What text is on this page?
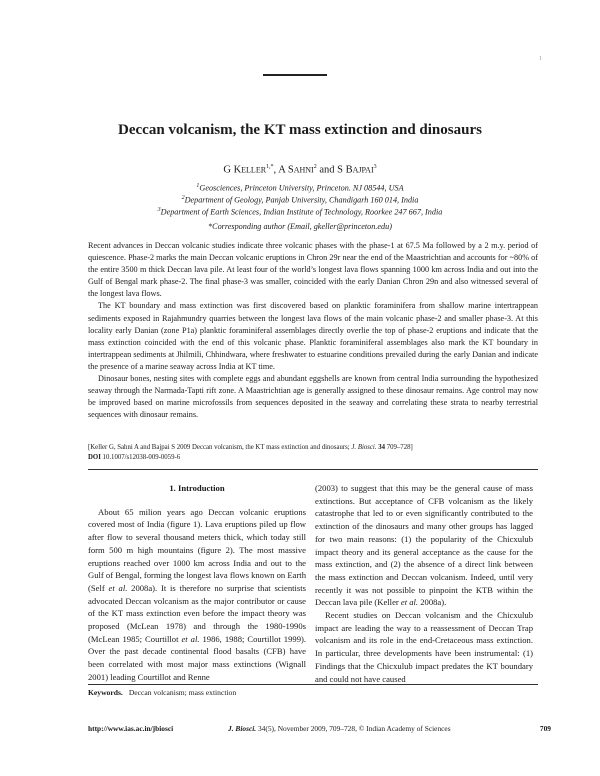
1
Deccan volcanism, the KT mass extinction and dinosaurs
G $KELLER^{1,*}$, A SAHNI$^2$ and S BAJPAI$^3$
$^1$Geosciences, Princeton University, Princeton. NJ 08544, USA
$^2$Department of Geology, Panjab University, Chandigarh 160 014, India
$^3$Department of Earth Sciences, Indian Institute of Technology, Roorkee 247 667, India
*Corresponding author (Email, gkeller@princeton.edu)

Recent advances in Deccan volcanic studies indicate three volcanic phases with the phase-1 at 67.5 Ma followed by a 2 m.y. period of quiescence. Phase-2 marks the main Deccan volcanic eruptions in Chron 29r near the end of the Maastrichtian and accounts for ~80% of the entire 3500 m thick Deccan lava pile. At least four of the world’s longest lava flows spanning 1000 km across India and out into the Gulf of Bengal mark phase-2. The final phase-3 was smaller, coincided with the early Danian Chron 29n and also witnessed several of the longest lava flows.

The KT boundary and mass extinction was first discovered based on planktic foraminifera from shallow marine intertrappean sediments exposed in Rajahmundry quarries between the longest lava flows of the main volcanic phase-2 and smaller phase-3. At this locality early Danian (zone P1a) planktic foraminiferal assemblages directly overlie the top of phase-2 eruptions and indicate that the mass extinction coincided with the end of this volcanic phase. Planktic foraminiferal assemblages also mark the KT boundary in intertrappean sediments at Jhilmili, Chhindwara, where freshwater to estuarine conditions prevailed during the early Danian and indicate the presence of a marine seaway across India at KT time.

Dinosaur bones, nesting sites with complete eggs and abundant eggshells are known from central India surrounding the hypothesized seaway through the Narmada-Tapti rift zone. A Maastrichtian age is generally assigned to these dinosaur remains. Age control may now be improved based on marine microfossils from sequences deposited in the seaway and correlating these strata to nearby terrestrial sequences with dinosaur remains.

[Keller G, Sahni A and Bajpai S 2009 Deccan volcanism, the KT mass extinction and dinosaurs; J. Biosci. 34 709–728]
DOI 10.1007/s12038-009-0059-6

1. Introduction

About 65 milion years ago Deccan volcanic eruptions covered most of India (figure 1). Lava eruptions piled up flow after flow to several thousand meters thick, which today still form 500 m high mountains (figure 2). The most massive eruptions reached over 1000 km across India and out to the Gulf of Bengal, forming the longest lava flows known on Earth (Self et al. 2008a). It is therefore no surprise that scientists advocated Deccan volcanism as the major contributor or cause of the KT mass extinction even before the impact theory was proposed (McLean 1978) and through the 1980-1990s (McLean 1985; Courtillot et al. 1986, 1988; Courtillot 1999). Over the past decade continental flood basalts (CFB) have been correlated with most major mass extinctions (Wignall 2001) leading Courtillot and Renne

(2003) to suggest that this may be the general cause of mass extinctions. But acceptance of CFB volcanism as the likely catastrophe that led to or even significantly contributed to the extinction of the dinosaurs and many other groups has lagged for two main reasons: (1) the popularity of the Chicxulub impact theory and its general acceptance as the cause for the mass extinction, and (2) the absence of a direct link between the mass extinction and Deccan volcanism. Indeed, until very recently it was not possible to pinpoint the KTB within the Deccan lava pile (Keller et al. 2008a).

Recent studies on Deccan volcanism and the Chicxulub impact are leading the way to a reassessment of Deccan Trap volcanism and its role in the end-Cretaceous mass extinction. In particular, three developments have been instrumental: (1) Findings that the Chicxulub impact predates the KT boundary and could not have caused

Keywords. Deccan volcanism; mass extinction
http://www.ias.ac.in/jbiosci	J. Biosci. 34(5), November 2009, 709–728, © Indian Academy of Sciences	709
